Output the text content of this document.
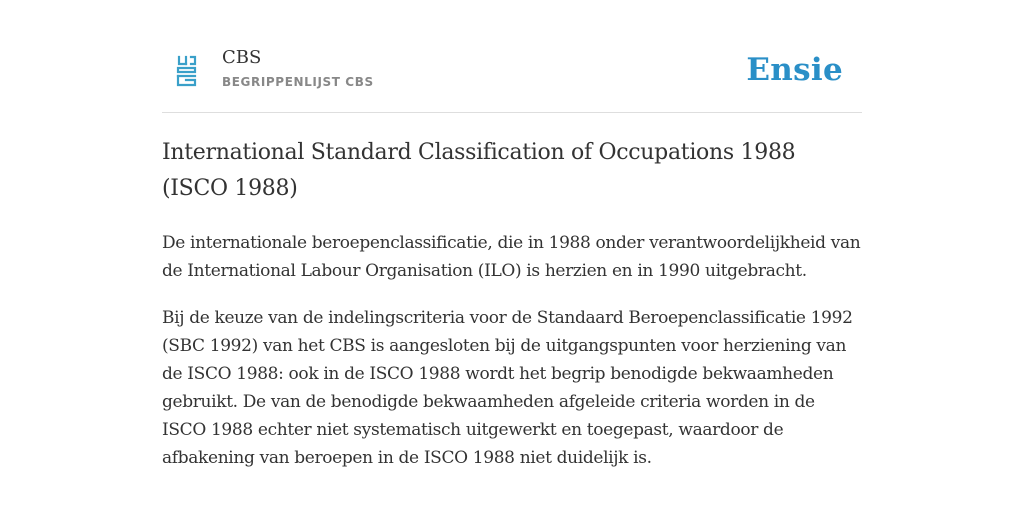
CBS
BEGRIPPENLIJST CBS	Ensie
International Standard Classification of Occupations 1988 (ISCO 1988)

De internationale beroepenclassificatie, die in 1988 onder verantwoordelijkheid van de International Labour Organisation (ILO) is herzien en in 1990 uitgebracht.

Bij de keuze van de indelingscriteria voor de Standaard Beroepenclassificatie 1992 (SBC 1992) van het CBS is aangesloten bij de uitgangspunten voor herziening van de ISCO 1988: ook in de ISCO 1988 wordt het begrip benodigde bekwaamheden gebruikt. De van de benodigde bekwaamheden afgeleide criteria worden in de ISCO 1988 echter niet systematisch uitgewerkt en toegepast, waardoor de afbakening van beroepen in de ISCO 1988 niet duidelijk is.
